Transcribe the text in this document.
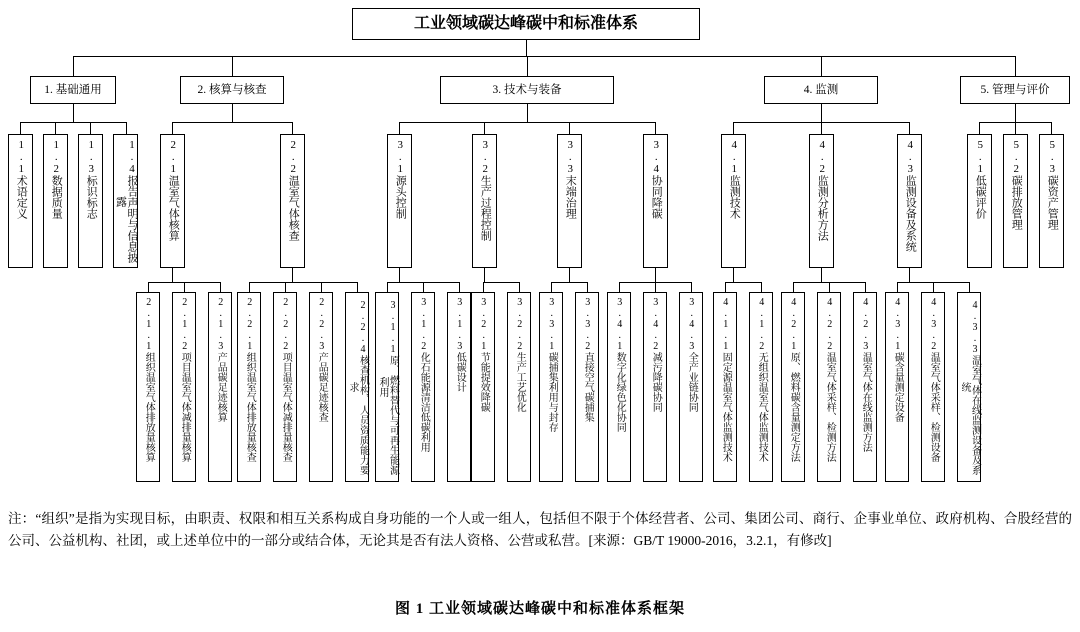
工业领域碳达峰碳中和标准体系
1. 基础通用	2. 核算与核查	3. 技术与装备	4. 监测	5. 管理与评价
1.1术语定义	1.2数据质量	1.3标识标志	1.4报告声明与信息披露	2.1温室气体核算	2.2温室气体核查
2.1.1组织温室气体排放量核算	2.1.2项目温室气体减排量核算	2.1.3产品碳足迹核算	2.2.1组织温室气体排放量核查	2.2.2项目温室气体减排量核查	2.2.3产品碳足迹核查	2.2.4核查机构、人员资质能力要求
3.1源头控制	3.2生产过程控制	3.3末端治理	3.4协同降碳
3.1.1原、燃料替代与可再生能源利用	3.1.2化石能源清洁低碳利用	3.1.3低碳设计	3.2.1节能提效降碳	3.2.2生产工艺优化	3.3.1碳捕集利用与封存	3.3.2直接空气碳捕集	3.4.1数字化绿色化协同	3.4.2减污降碳协同	3.4.3全产业链协同
4.1监测技术	4.2监测分析方法	4.3监测设备及系统
4.1.1固定源温室气体监测技术	4.1.2无组织温室气体监测技术	4.2.1原、燃料碳含量测定方法	4.2.2温室气体采样、检测方法	4.2.3温室气体在线监测方法	4.3.1碳含量测定设备	4.3.2温室气体采样、检测设备	4.3.3温室气体在线监测设备及系统
5.1低碳评价	5.2碳排放管理	5.3碳资产管理
注：“组织”是指为实现目标，由职责、权限和相互关系构成自身功能的一个人或一组人，包括但不限于个体经营者、公司、集团公司、商行、企事业单位、政府机构、合股经营的公司、公益机构、社团，或上述单位中的一部分或结合体，无论其是否有法人资格、公营或私营。[来源：GB/T 19000-2016，3.2.1，有修改]
图 1 工业领域碳达峰碳中和标准体系框架
